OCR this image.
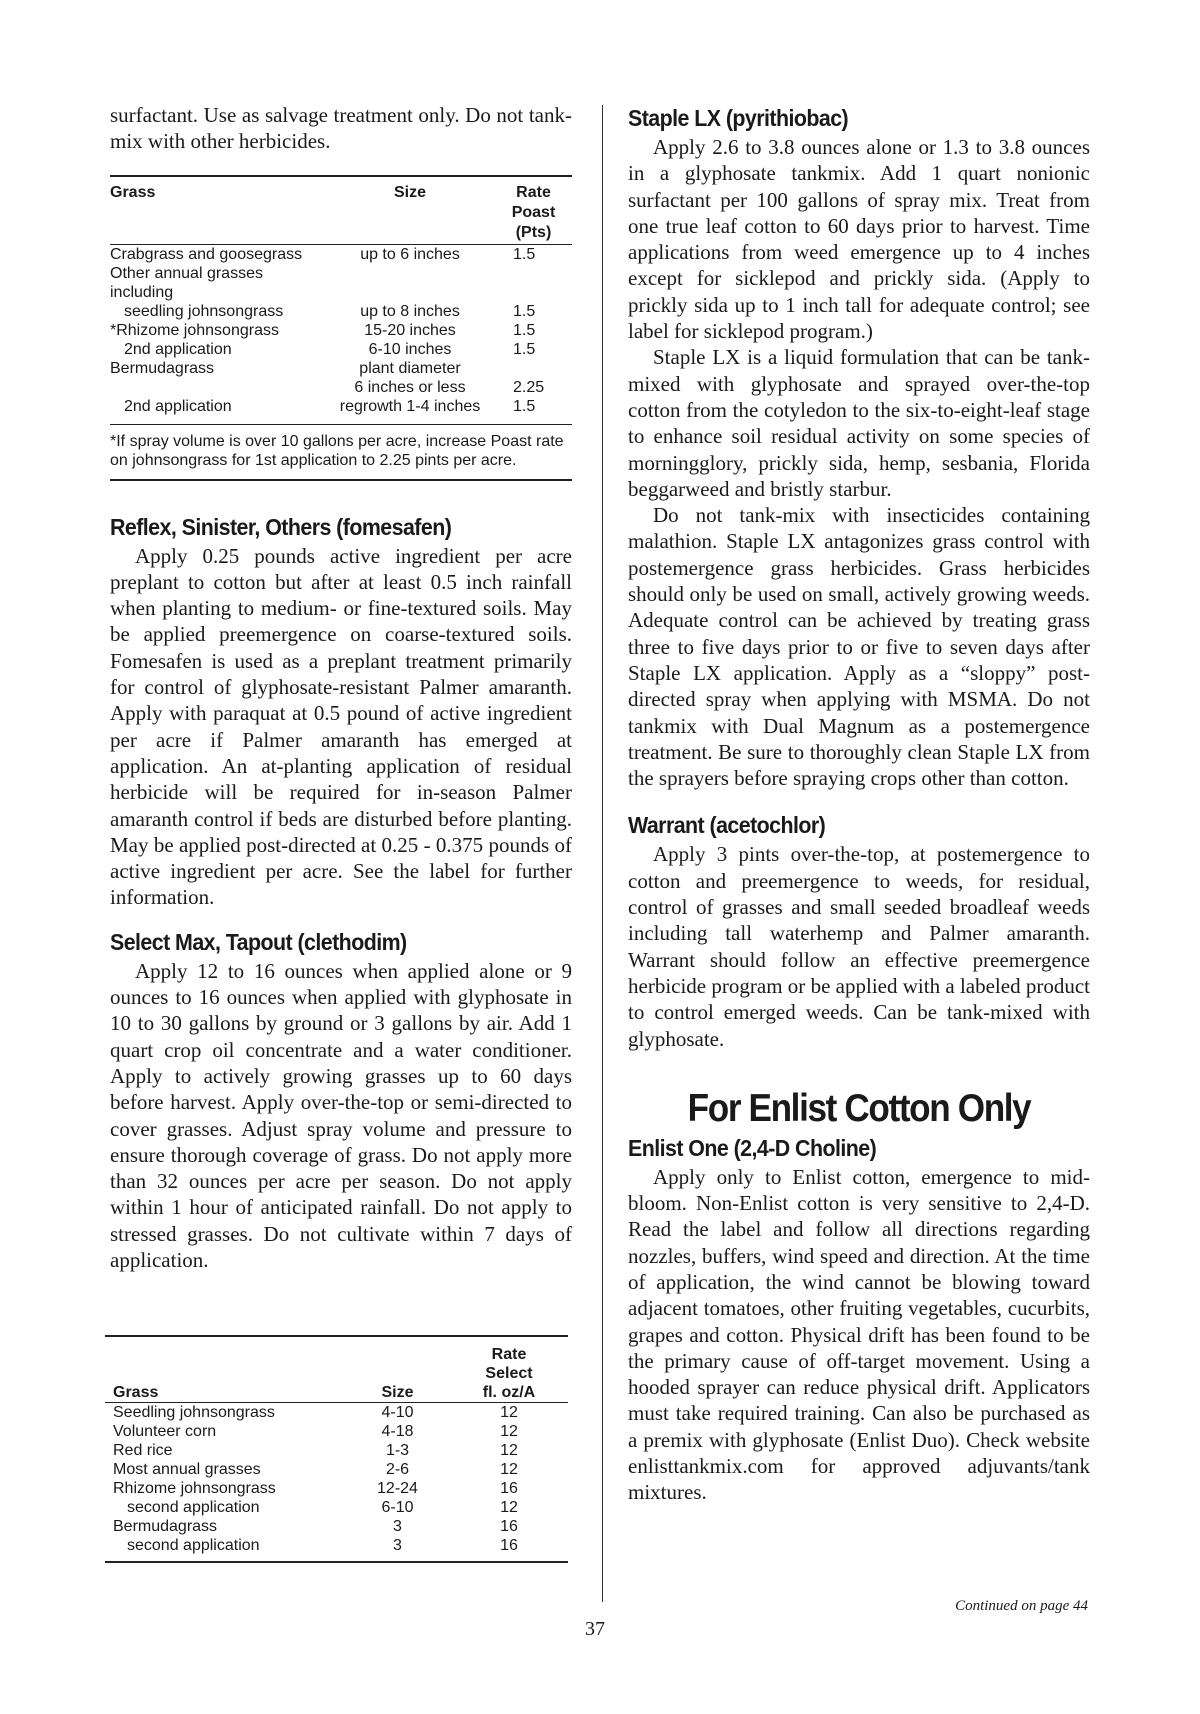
surfactant. Use as salvage treatment only. Do not tank-mix with other herbicides.

Grass	Size	Rate Poast (Pts)
Crabgrass and goosegrass	up to 6 inches	1.5
Other annual grasses including		
seedling johnsongrass	up to 8 inches	1.5
*Rhizome johnsongrass	15-20 inches	1.5
2nd application	6-10 inches	1.5
Bermudagrass	plant diameter	
	6 inches or less	2.25
2nd application	regrowth 1-4 inches	1.5
*If spray volume is over 10 gallons per acre, increase Poast rate on johnsongrass for 1st application to 2.25 pints per acre.
Reflex, Sinister, Others (fomesafen)

Apply 0.25 pounds active ingredient per acre preplant to cotton but after at least 0.5 inch rainfall when planting to medium- or fine-textured soils. May be applied preemergence on coarse-textured soils. Fomesafen is used as a preplant treatment primarily for control of glyphosate-resistant Palmer amaranth. Apply with paraquat at 0.5 pound of active ingredient per acre if Palmer amaranth has emerged at application. An at-planting application of residual herbicide will be required for in-season Palmer amaranth control if beds are disturbed before planting. May be applied post-directed at 0.25 - 0.375 pounds of active ingredient per acre. See the label for further information.

Select Max, Tapout (clethodim)

Apply 12 to 16 ounces when applied alone or 9 ounces to 16 ounces when applied with glyphosate in 10 to 30 gallons by ground or 3 gallons by air. Add 1 quart crop oil concentrate and a water conditioner. Apply to actively growing grasses up to 60 days before harvest. Apply over-the-top or semi-directed to cover grasses. Adjust spray volume and pressure to ensure thorough coverage of grass. Do not apply more than 32 ounces per acre per season. Do not apply within 1 hour of anticipated rainfall. Do not apply to stressed grasses. Do not cultivate within 7 days of application.

		Rate
		Select
Grass	Size	fl. oz/A
Seedling johnsongrass	4-10	12
Volunteer corn	4-18	12
Red rice	1-3	12
Most annual grasses	2-6	12
Rhizome johnsongrass	12-24	16
second application	6-10	12
Bermudagrass	3	16
second application	3	16
Staple LX (pyrithiobac)

Apply 2.6 to 3.8 ounces alone or 1.3 to 3.8 ounces in a glyphosate tankmix. Add 1 quart nonionic surfactant per 100 gallons of spray mix. Treat from one true leaf cotton to 60 days prior to harvest. Time applications from weed emergence up to 4 inches except for sicklepod and prickly sida. (Apply to prickly sida up to 1 inch tall for adequate control; see label for sicklepod program.)

Staple LX is a liquid formulation that can be tank-mixed with glyphosate and sprayed over-the-top cotton from the cotyledon to the six-to-eight-leaf stage to enhance soil residual activity on some species of morningglory, prickly sida, hemp, sesbania, Florida beggarweed and bristly starbur.

Do not tank-mix with insecticides containing malathion. Staple LX antagonizes grass control with postemergence grass herbicides. Grass herbicides should only be used on small, actively growing weeds. Adequate control can be achieved by treating grass three to five days prior to or five to seven days after Staple LX application. Apply as a “sloppy” post-directed spray when applying with MSMA. Do not tankmix with Dual Magnum as a postemergence treatment. Be sure to thoroughly clean Staple LX from the sprayers before spraying crops other than cotton.

Warrant (acetochlor)

Apply 3 pints over-the-top, at postemergence to cotton and preemergence to weeds, for residual, control of grasses and small seeded broadleaf weeds including tall waterhemp and Palmer amaranth. Warrant should follow an effective preemergence herbicide program or be applied with a labeled product to control emerged weeds. Can be tank-mixed with glyphosate.

For Enlist Cotton Only
Enlist One (2,4-D Choline)

Apply only to Enlist cotton, emergence to mid-bloom. Non-Enlist cotton is very sensitive to 2,4-D. Read the label and follow all directions regarding nozzles, buffers, wind speed and direction. At the time of application, the wind cannot be blowing toward adjacent tomatoes, other fruiting vegetables, cucurbits, grapes and cotton. Physical drift has been found to be the primary cause of off-target movement. Using a hooded sprayer can reduce physical drift. Applicators must take required training. Can also be purchased as a premix with glyphosate (Enlist Duo). Check website enlisttankmix.com for approved adjuvants/tank mixtures.

Continued on page 44
37
